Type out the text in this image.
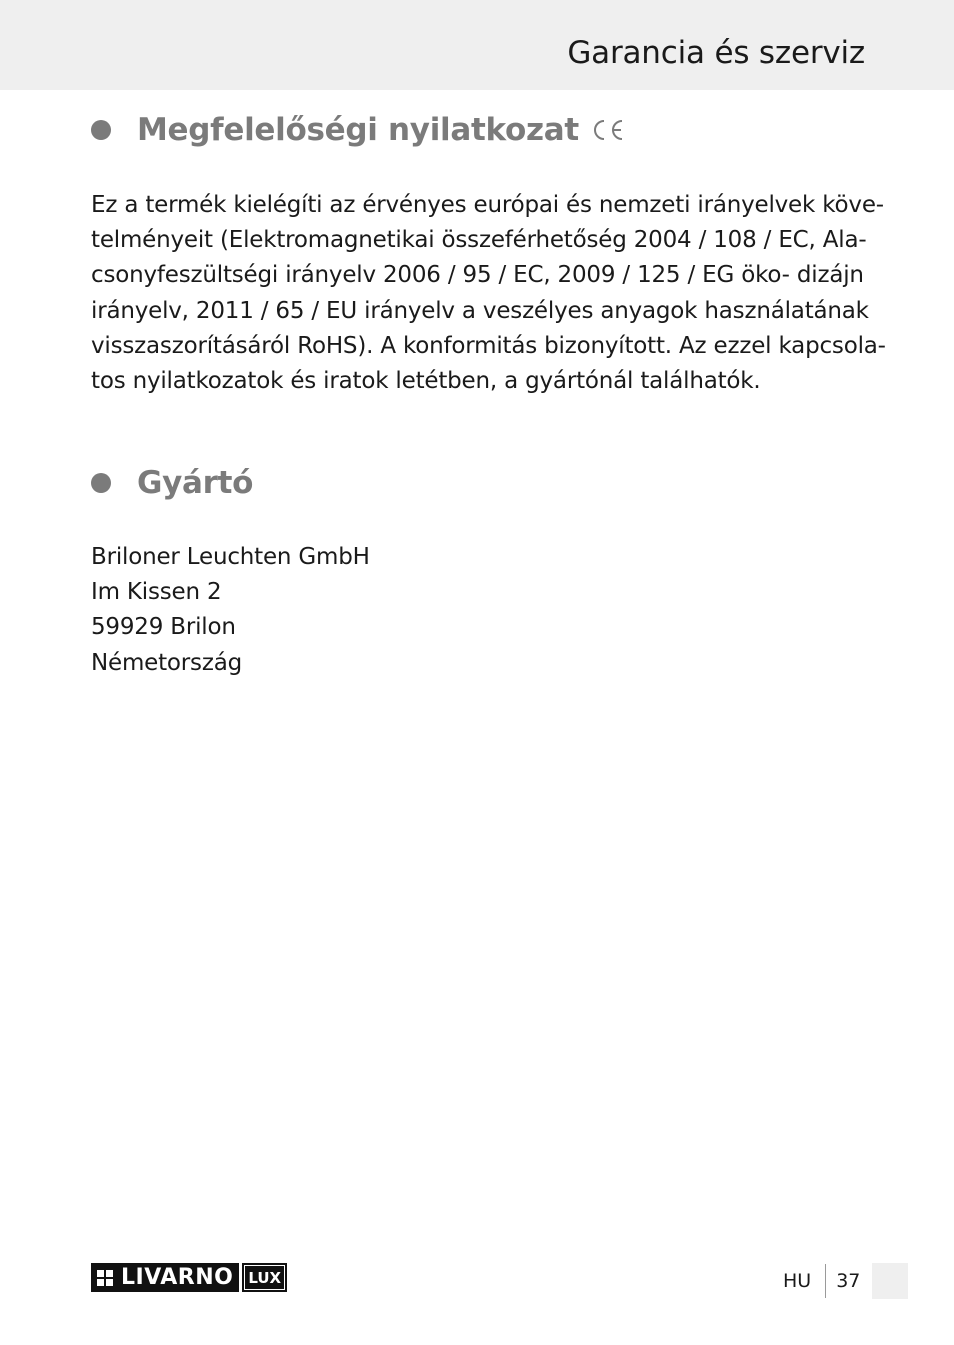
Garancia és szerviz
Megfelelőségi nyilatkozat
Ez a termék kielégíti az érvényes európai és nemzeti irányelvek köve-
telményeit (Elektromagnetikai összeférhetőség 2004 / 108 / EC, Ala-
csonyfeszültségi irányelv 2006 / 95 / EC, 2009 / 125 / EG öko- dizájn
irányelv, 2011 / 65 / EU irányelv a veszélyes anyagok használatának
visszaszorításáról RoHS). A konformitás bizonyított. Az ezzel kapcsola-
tos nyilatkozatok és iratok letétben, a gyártónál találhatók.
Gyártó
Briloner Leuchten GmbH
Im Kissen 2
59929 Brilon
Németország
LIVARNO	LUX	HU	37
